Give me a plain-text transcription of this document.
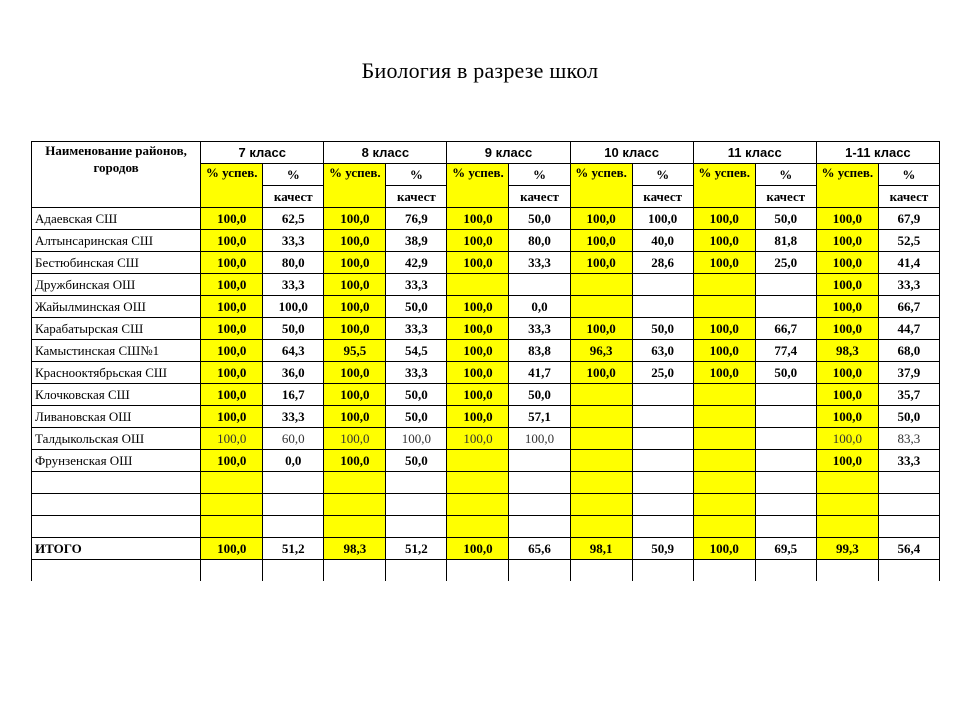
Биология в разрезе школ
Наименование районов,
городов	7 класс		8 класс		9 класс		10 класс		11 класс		1-11 класс	
	% успев.	%	% успев.	%	% успев.	%	% успев.	%	% успев.	%	% успев.	%
		качест		качест		качест		качест		качест		качест
Адаевская СШ	100,0	62,5	100,0	76,9	100,0	50,0	100,0	100,0	100,0	50,0	100,0	67,9
Алтынсаринская СШ	100,0	33,3	100,0	38,9	100,0	80,0	100,0	40,0	100,0	81,8	100,0	52,5
Бестюбинская СШ	100,0	80,0	100,0	42,9	100,0	33,3	100,0	28,6	100,0	25,0	100,0	41,4
Дружбинская ОШ	100,0	33,3	100,0	33,3							100,0	33,3
Жайылминская ОШ	100,0	100,0	100,0	50,0	100,0	0,0					100,0	66,7
Карабатырская СШ	100,0	50,0	100,0	33,3	100,0	33,3	100,0	50,0	100,0	66,7	100,0	44,7
Камыстинская СШ№1	100,0	64,3	95,5	54,5	100,0	83,8	96,3	63,0	100,0	77,4	98,3	68,0
Краснооктябрьская СШ	100,0	36,0	100,0	33,3	100,0	41,7	100,0	25,0	100,0	50,0	100,0	37,9
Клочковская СШ	100,0	16,7	100,0	50,0	100,0	50,0					100,0	35,7
Ливановская ОШ	100,0	33,3	100,0	50,0	100,0	57,1					100,0	50,0
Талдыкольская ОШ	100,0	60,0	100,0	100,0	100,0	100,0					100,0	83,3
Фрунзенская ОШ	100,0	0,0	100,0	50,0							100,0	33,3

ИТОГО	100,0	51,2	98,3	51,2	100,0	65,6	98,1	50,9	100,0	69,5	99,3	56,4
